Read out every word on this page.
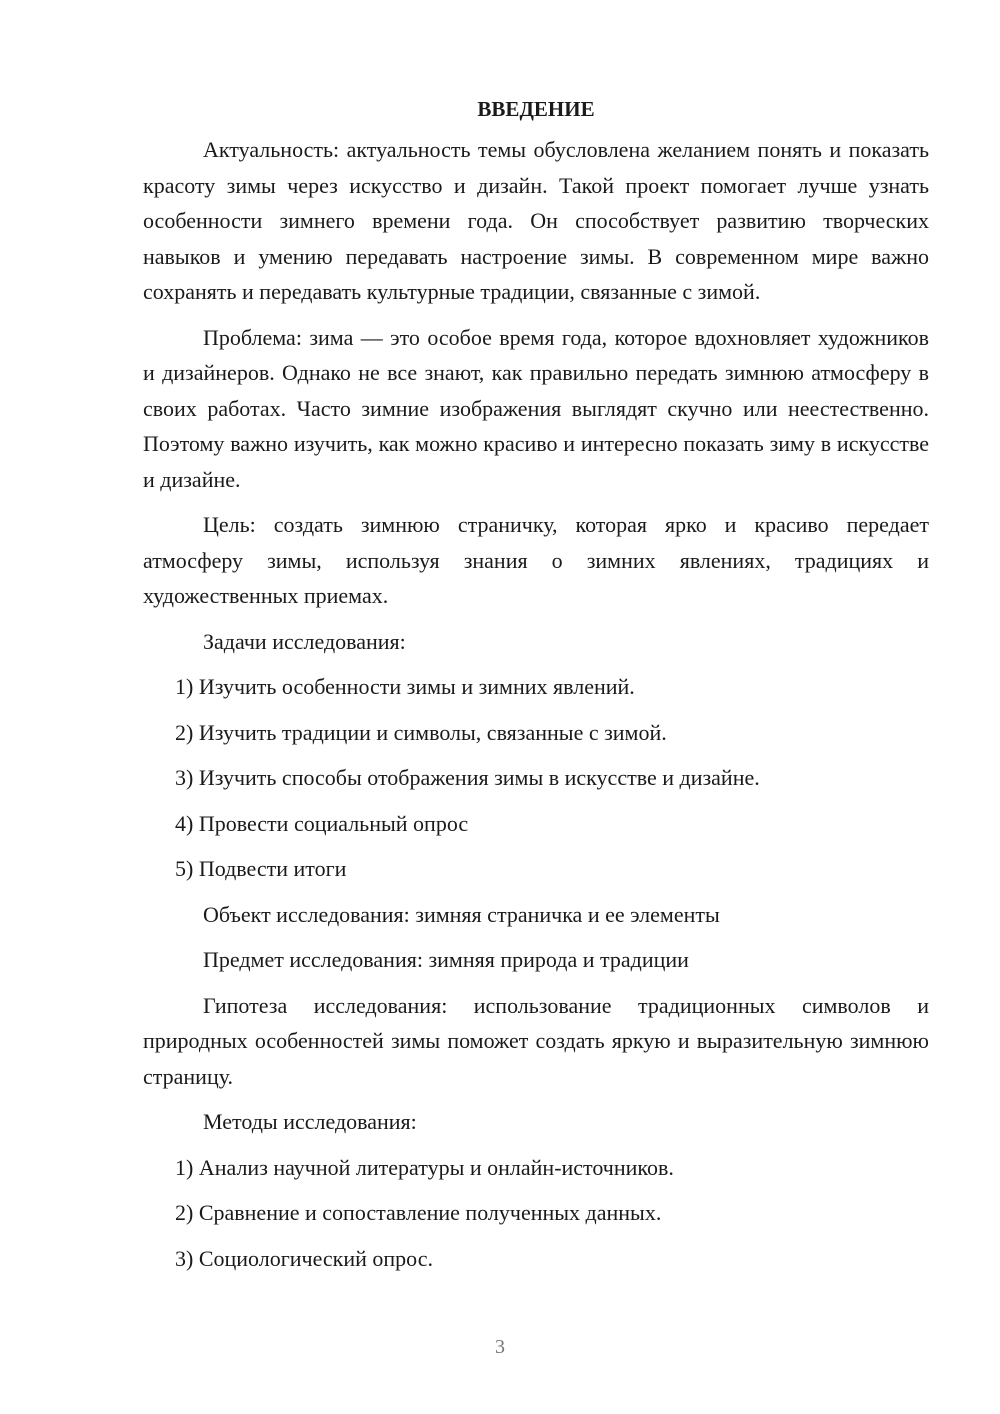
ВВЕДЕНИЕ

Актуальность: актуальность темы обусловлена желанием понять и показать красоту зимы через искусство и дизайн. Такой проект помогает лучше узнать особенности зимнего времени года. Он способствует развитию творческих навыков и умению передавать настроение зимы. В современном мире важно сохранять и передавать культурные традиции, связанные с зимой.

Проблема: зима — это особое время года, которое вдохновляет художников и дизайнеров. Однако не все знают, как правильно передать зимнюю атмосферу в своих работах. Часто зимние изображения выглядят скучно или неестественно. Поэтому важно изучить, как можно красиво и интересно показать зиму в искусстве и дизайне.

Цель: создать зимнюю страничку, которая ярко и красиво передает атмосферу зимы, используя знания о зимних явлениях, традициях и художественных приемах.

Задачи исследования:

1) Изучить особенности зимы и зимних явлений.

2) Изучить традиции и символы, связанные с зимой.

3) Изучить способы отображения зимы в искусстве и дизайне.

4) Провести социальный опрос

5) Подвести итоги

Объект исследования: зимняя страничка и ее элементы

Предмет исследования: зимняя природа и традиции

Гипотеза исследования: использование традиционных символов и природных особенностей зимы поможет создать яркую и выразительную зимнюю страницу.

Методы исследования:

1) Анализ научной литературы и онлайн-источников.

2) Сравнение и сопоставление полученных данных.

3) Социологический опрос.

3
